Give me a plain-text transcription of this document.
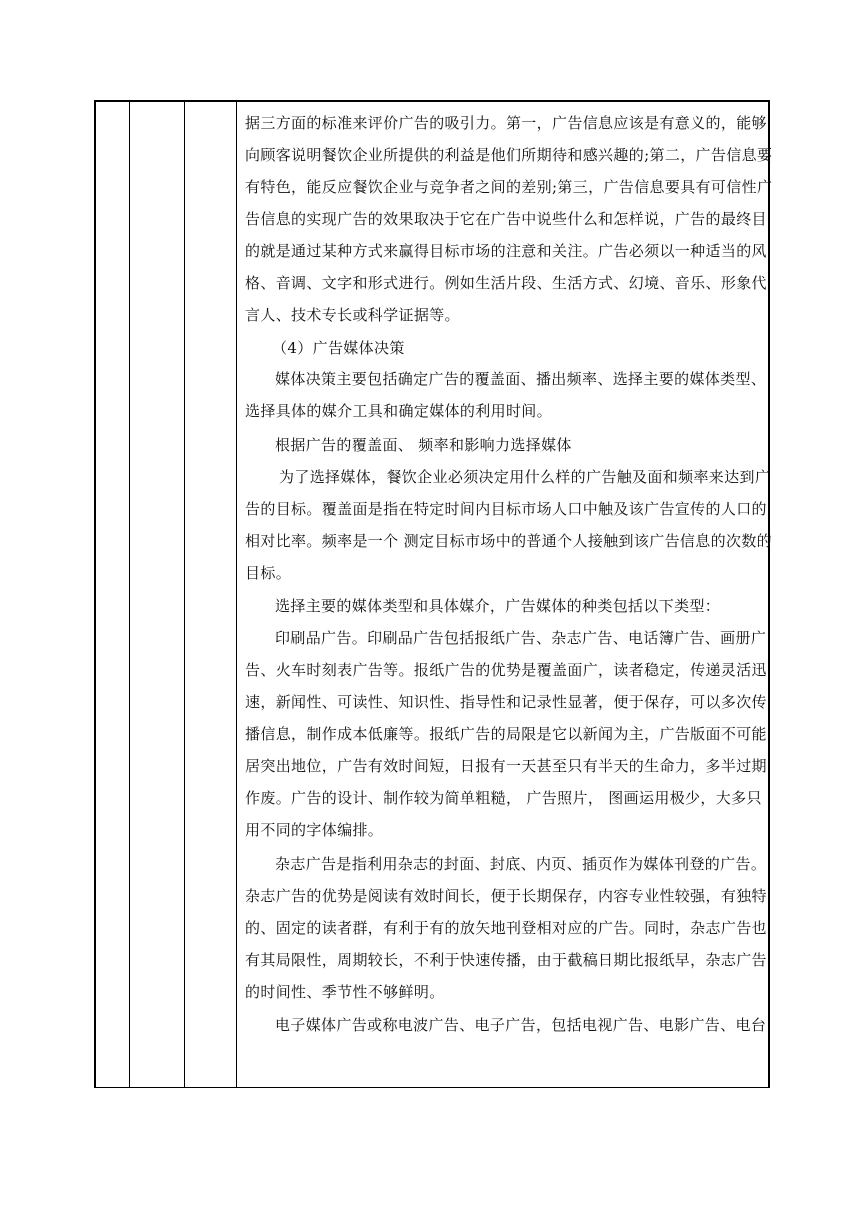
据三方面的标准来评价广告的吸引力。第一，广告信息应该是有意义的，能够
向顾客说明餐饮企业所提供的利益是他们所期待和感兴趣的;第二，广告信息要
有特色，能反应餐饮企业与竞争者之间的差别;第三，广告信息要具有可信性广
告信息的实现广告的效果取决于它在广告中说些什么和怎样说，广告的最终目
的就是通过某种方式来赢得目标市场的注意和关注。广告必须以一种适当的风
格、音调、文字和形式进行。例如生活片段、生活方式、幻境、音乐、形象代
言人、技术专长或科学证据等。
（4）广告媒体决策
媒体决策主要包括确定广告的覆盖面、播出频率、选择主要的媒体类型、
选择具体的媒介工具和确定媒体的利用时间。
根据广告的覆盖面、 频率和影响力选择媒体
为了选择媒体，餐饮企业必须决定用什么样的广告触及面和频率来达到广
告的目标。覆盖面是指在特定时间内目标市场人口中触及该广告宣传的人口的
相对比率。频率是一个 测定目标市场中的普通个人接触到该广告信息的次数的
目标。
选择主要的媒体类型和具体媒介，广告媒体的种类包括以下类型：
印刷品广告。印刷品广告包括报纸广告、杂志广告、电话簿广告、画册广
告、火车时刻表广告等。报纸广告的优势是覆盖面广，读者稳定，传递灵活迅
速，新闻性、可读性、知识性、指导性和记录性显著，便于保存，可以多次传
播信息，制作成本低廉等。报纸广告的局限是它以新闻为主，广告版面不可能
居突出地位，广告有效时间短，日报有一天甚至只有半天的生命力，多半过期
作废。广告的设计、制作较为简单粗糙， 广告照片， 图画运用极少，大多只
用不同的字体编排。
杂志广告是指利用杂志的封面、封底、内页、插页作为媒体刊登的广告。
杂志广告的优势是阅读有效时间长，便于长期保存，内容专业性较强，有独特
的、固定的读者群，有利于有的放矢地刊登相对应的广告。同时，杂志广告也
有其局限性，周期较长，不利于快速传播，由于截稿日期比报纸早，杂志广告
的时间性、季节性不够鲜明。
电子媒体广告或称电波广告、电子广告，包括电视广告、电影广告、电台
